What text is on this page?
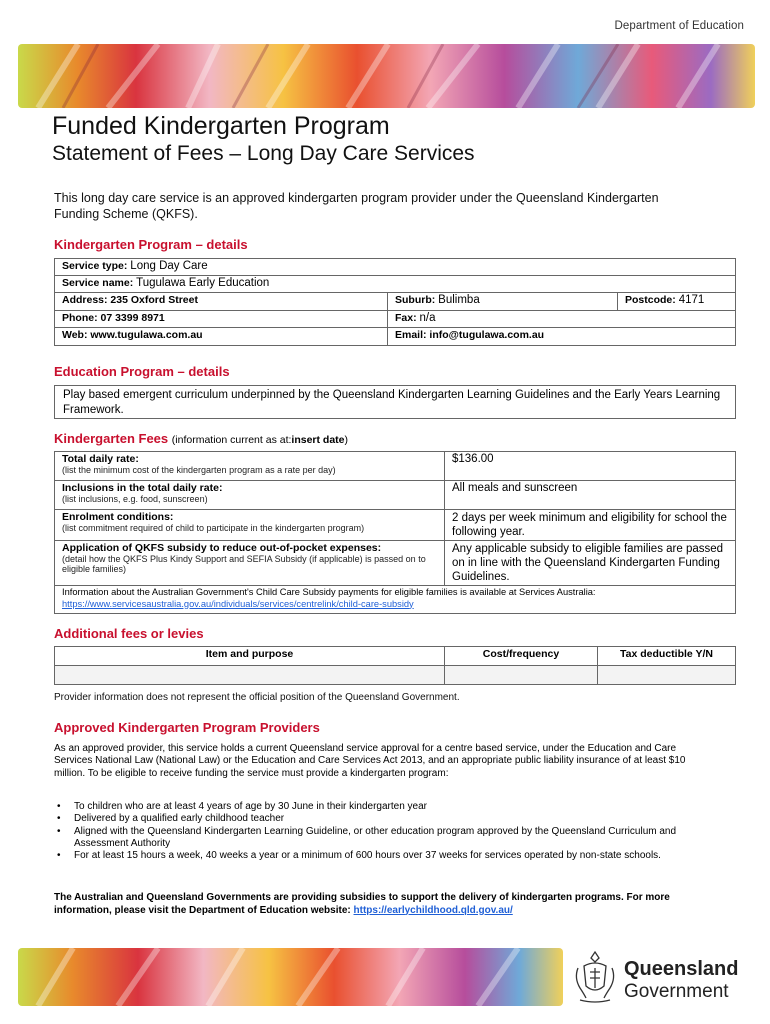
Department of Education
Funded Kindergarten Program
Statement of Fees – Long Day Care Services
This long day care service is an approved kindergarten program provider under the Queensland Kindergarten Funding Scheme (QKFS).
Kindergarten Program – details
Service type: Long Day Care		
Service name: Tugulawa Early Education		
Address: 235 Oxford Street	Suburb: Bulimba	Postcode: 4171
Phone: 07 3399 8971	Fax: n/a	
Web: www.tugulawa.com.au	Email: info@tugulawa.com.au	
Education Program – details
Play based emergent curriculum underpinned by the Queensland Kindergarten Learning Guidelines and the Early Years Learning Framework.
Kindergarten Fees (information current as at:insert date)
Total daily rate:
(list the minimum cost of the kindergarten program as a rate per day)	$136.00

Inclusions in the total daily rate:
(list inclusions, e.g. food, sunscreen)	All meals and sunscreen

Enrolment conditions:
(list commitment required of child to participate in the kindergarten program)	2 days per week minimum and eligibility for school the following year.

Application of QKFS subsidy to reduce out-of-pocket expenses:
(detail how the QKFS Plus Kindy Support and SEFIA Subsidy (if applicable) is passed on to eligible families)	Any applicable subsidy to eligible families are passed on in line with the Queensland Kindergarten Funding Guidelines.
Information about the Australian Government's Child Care Subsidy payments for eligible families is available at Services Australia:
https://www.servicesaustralia.gov.au/individuals/services/centrelink/child-care-subsidy	
Additional fees or levies
Item and purpose	Cost/frequency	Tax deductible Y/N

Provider information does not represent the official position of the Queensland Government.
Approved Kindergarten Program Providers
As an approved provider, this service holds a current Queensland service approval for a centre based service, under the Education and Care Services National Law (National Law) or the Education and Care Services Act 2013, and an appropriate public liability insurance of at least $10 million. To be eligible to receive funding the service must provide a kindergarten program:
• To children who are at least 4 years of age by 30 June in their kindergarten year
• Delivered by a qualified early childhood teacher
• Aligned with the Queensland Kindergarten Learning Guideline, or other education program approved by the Queensland Curriculum and Assessment Authority
• For at least 15 hours a week, 40 weeks a year or a minimum of 600 hours over 37 weeks for services operated by non-state schools.
The Australian and Queensland Governments are providing subsidies to support the delivery of kindergarten programs. For more information, please visit the Department of Education website: https://earlychildhood.qld.gov.au/
Queensland
Government
